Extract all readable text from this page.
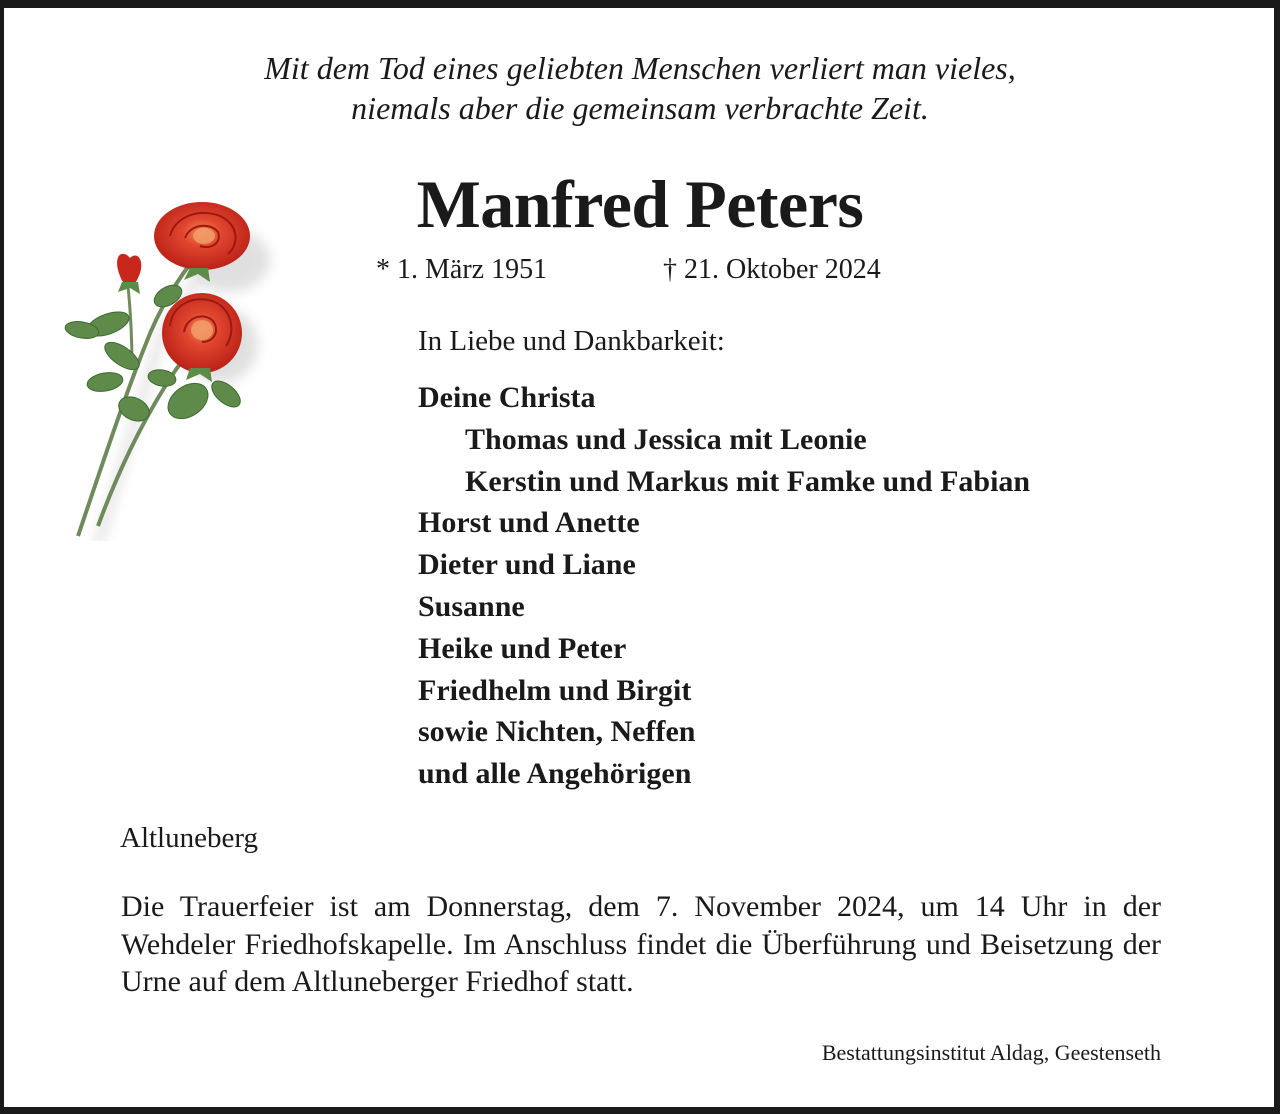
Mit dem Tod eines geliebten Menschen verliert man vieles,
niemals aber die gemeinsam verbrachte Zeit.
Manfred Peters
* 1. März 1951	† 21. Oktober 2024
In Liebe und Dankbarkeit:
Deine Christa
Thomas und Jessica mit Leonie
Kerstin und Markus mit Famke und Fabian
Horst und Anette
Dieter und Liane
Susanne
Heike und Peter
Friedhelm und Birgit
sowie Nichten, Neffen
und alle Angehörigen
Altluneberg
Die Trauerfeier ist am Donnerstag, dem 7. November 2024, um 14 Uhr in der Wehdeler Friedhofskapelle. Im Anschluss findet die Überführung und Beisetzung der Urne auf dem Altluneberger Friedhof statt.
Bestattungsinstitut Aldag, Geestenseth
